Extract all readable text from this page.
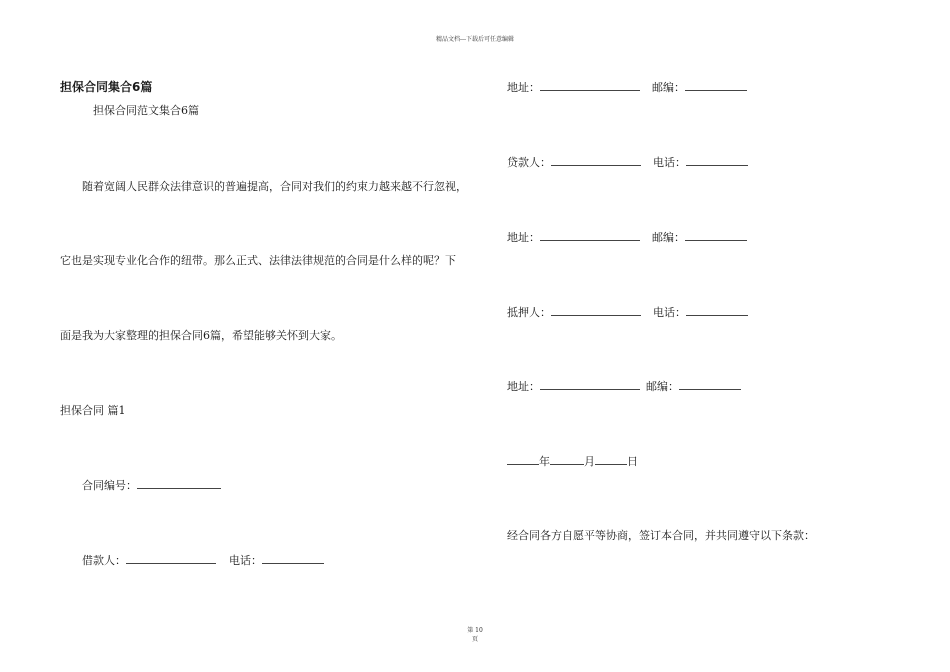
精品文档---下载后可任意编辑
担保合同集合6篇
担保合同范文集合6篇
随着宽阔人民群众法律意识的普遍提高，合同对我们的约束力越来越不行忽视，
它也是实现专业化合作的纽带。那么正式、法律法律规范的合同是什么样的呢？下
面是我为大家整理的担保合同6篇，希望能够关怀到大家。
担保合同 篇1
合同编号：
借款人：	电话：
地址：	邮编：
贷款人：	电话：
地址：	邮编：
抵押人：	电话：
地址：	邮编：
年	月	日
经合同各方自愿平等协商，签订本合同，并共同遵守以下条款：
第 10
页
